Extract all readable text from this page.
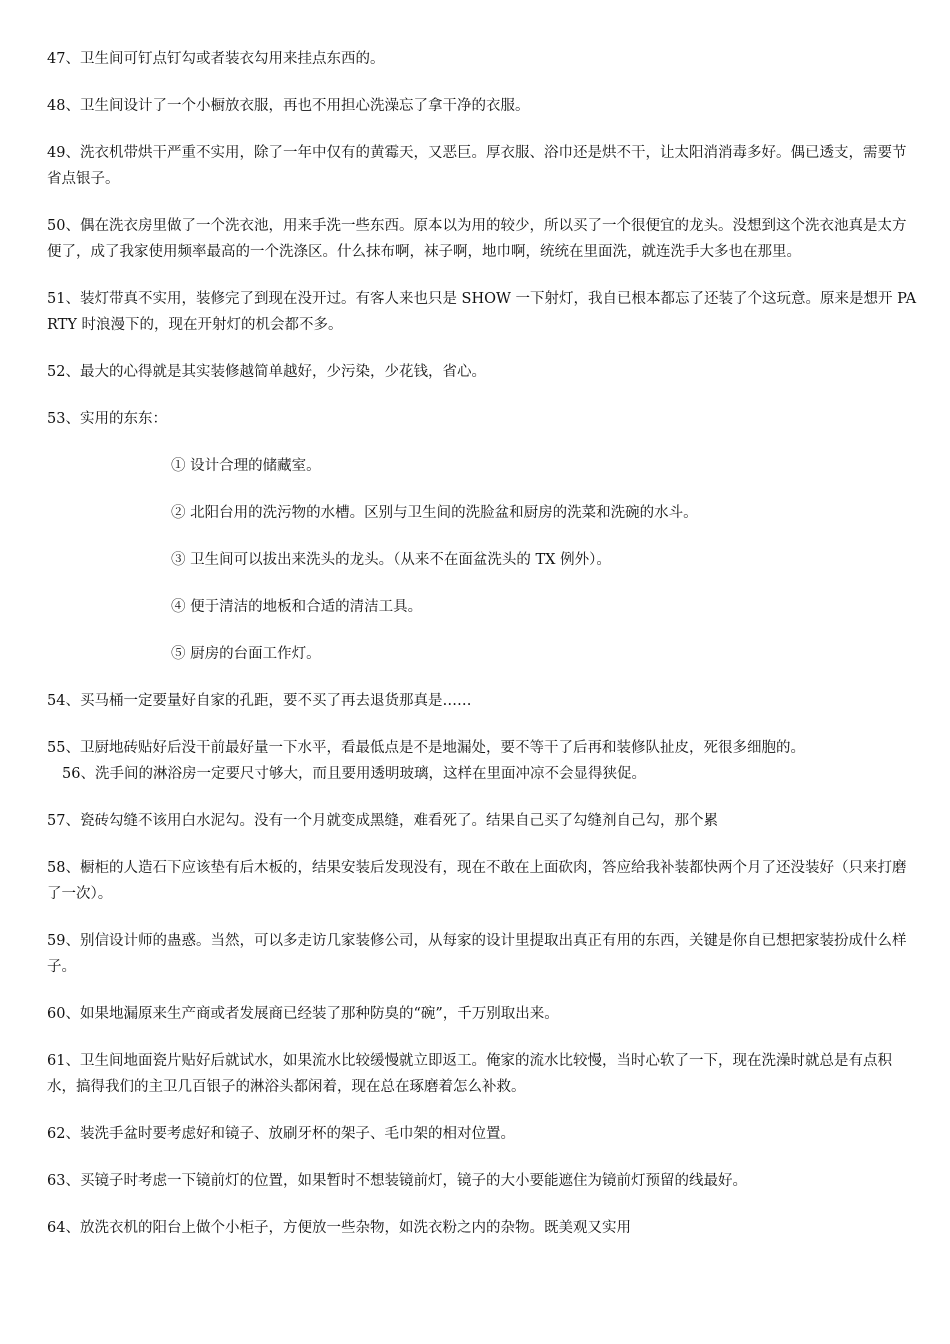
47、卫生间可钉点钉勾或者装衣勾用来挂点东西的。

48、卫生间设计了一个小橱放衣服，再也不用担心洗澡忘了拿干净的衣服。

49、洗衣机带烘干严重不实用，除了一年中仅有的黄霉天，又恶巨。厚衣服、浴巾还是烘不干，让太阳消消毒多好。偶已透支，需要节省点银子。

50、偶在洗衣房里做了一个洗衣池，用来手洗一些东西。原本以为用的较少，所以买了一个很便宜的龙头。没想到这个洗衣池真是太方便了，成了我家使用频率最高的一个洗涤区。什么抹布啊，袜子啊，地巾啊，统统在里面洗，就连洗手大多也在那里。

51、装灯带真不实用，装修完了到现在没开过。有客人来也只是 SHOW 一下射灯，我自已根本都忘了还装了个这玩意。原来是想开 PARTY 时浪漫下的，现在开射灯的机会都不多。

52、最大的心得就是其实装修越简单越好，少污染，少花钱，省心。

53、实用的东东：

① 设计合理的储藏室。

② 北阳台用的洗污物的水槽。区别与卫生间的洗脸盆和厨房的洗菜和洗碗的水斗。

③ 卫生间可以拔出来洗头的龙头。（从来不在面盆洗头的 TX 例外）。

④ 便于清洁的地板和合适的清洁工具。

⑤ 厨房的台面工作灯。

54、买马桶一定要量好自家的孔距，要不买了再去退货那真是……

55、卫厨地砖贴好后没干前最好量一下水平，看最低点是不是地漏处，要不等干了后再和装修队扯皮，死很多细胞的。

56、洗手间的淋浴房一定要尺寸够大，而且要用透明玻璃，这样在里面冲凉不会显得狭促。

57、瓷砖勾缝不该用白水泥勾。没有一个月就变成黑缝，难看死了。结果自己买了勾缝剂自己勾，那个累

58、橱柜的人造石下应该垫有后木板的，结果安装后发现没有，现在不敢在上面砍肉，答应给我补装都快两个月了还没装好（只来打磨了一次）。

59、别信设计师的蛊惑。当然，可以多走访几家装修公司，从每家的设计里提取出真正有用的东西，关键是你自已想把家装扮成什么样子。

60、如果地漏原来生产商或者发展商已经装了那种防臭的“碗”，千万别取出来。

61、卫生间地面瓷片贴好后就试水，如果流水比较缓慢就立即返工。俺家的流水比较慢，当时心软了一下，现在洗澡时就总是有点积水，搞得我们的主卫几百银子的淋浴头都闲着，现在总在琢磨着怎么补救。

62、装洗手盆时要考虑好和镜子、放刷牙杯的架子、毛巾架的相对位置。

63、买镜子时考虑一下镜前灯的位置，如果暂时不想装镜前灯，镜子的大小要能遮住为镜前灯预留的线最好。

64、放洗衣机的阳台上做个小柜子，方便放一些杂物，如洗衣粉之内的杂物。既美观又实用
